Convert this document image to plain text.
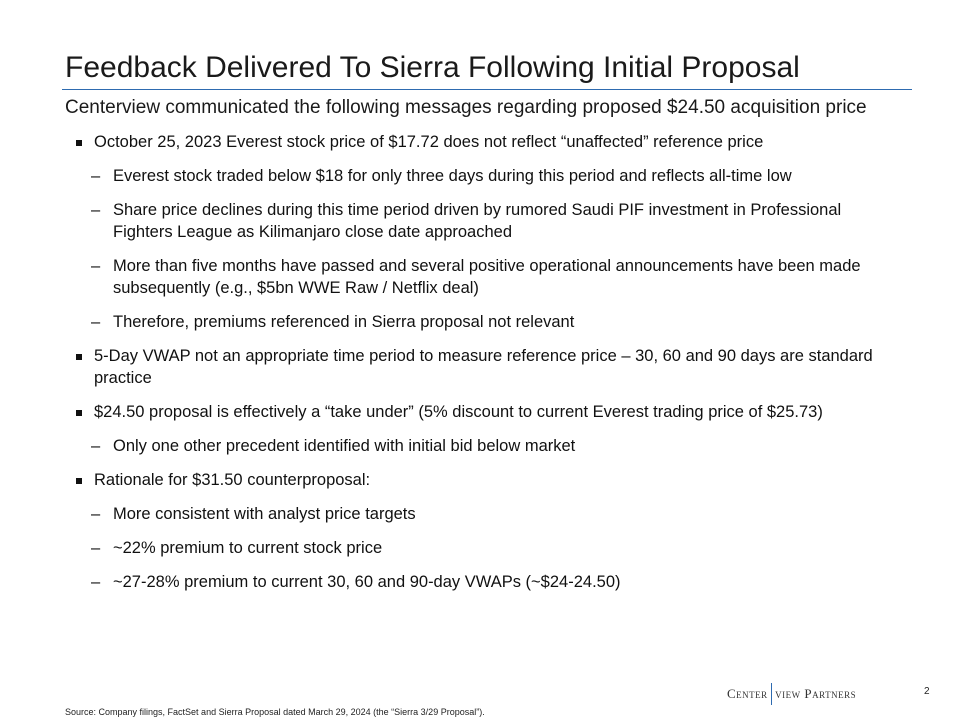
Feedback Delivered To Sierra Following Initial Proposal
Centerview communicated the following messages regarding proposed $24.50 acquisition price
October 25, 2023 Everest stock price of $17.72 does not reflect “unaffected” reference price
– Everest stock traded below $18 for only three days during this period and reflects all-time low
– Share price declines during this time period driven by rumored Saudi PIF investment in Professional Fighters League as Kilimanjaro close date approached
– More than five months have passed and several positive operational announcements have been made subsequently (e.g., $5bn WWE Raw / Netflix deal)
– Therefore, premiums referenced in Sierra proposal not relevant
5-Day VWAP not an appropriate time period to measure reference price – 30, 60 and 90 days are standard practice
$24.50 proposal is effectively a “take under” (5% discount to current Everest trading price of $25.73)
– Only one other precedent identified with initial bid below market
Rationale for $31.50 counterproposal:
– More consistent with analyst price targets
– ~22% premium to current stock price
– ~27-28% premium to current 30, 60 and 90-day VWAPs (~$24-24.50)
Source: Company filings, FactSet and Sierra Proposal dated March 29, 2024 (the “Sierra 3/29 Proposal”).
Center view Partners	2
